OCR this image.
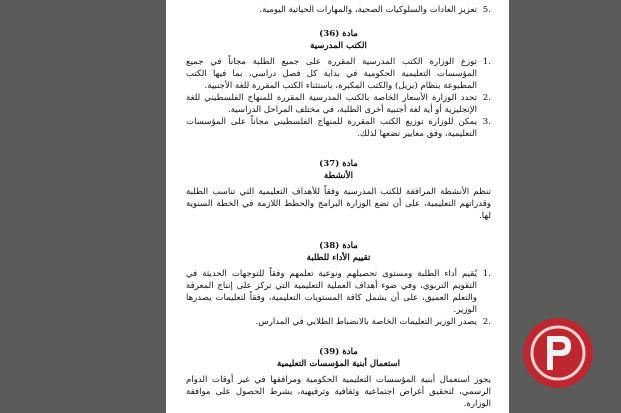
5.
تعزيز العادات والسلوكيات الصحية، والمهارات الحياتية اليومية.
مادة (36)
الكتب المدرسية
1.
توزع الوزارة الكتب المدرسية المقررة على جميع الطلبة مجاناً في جميع المؤسسات التعليمية الحكومية في بداية كل فصل دراسي، بما فيها الكتب المطبوعة بنظام (بريل) والكتب المكبرة، باستثناء الكتب المقررة للغة الأجنبية.
2.
تحدد الوزارة الأسعار الخاصة بالكتب المدرسية المقررة للمنهاج الفلسطيني للغة الإنجليزية أو أية لغة أجنبية أخرى الطلبة، في مختلف المراحل الدراسية.
3.
يمكن للوزارة توزيع الكتب المقررة للمنهاج الفلسطيني مجاناً على المؤسسات التعليمية، وفق معايير تضعها لذلك.
مادة (37)
الأنشطة

تنظم الأنشطة المرافقة للكتب المدرسية وفقاً للأهداف التعليمية التي تناسب الطلبة وقدراتهم التعليمية، على أن تضع الوزارة البرامج والخطط اللازمة في الخطة السنوية لها.

مادة (38)
تقييم الأداء للطلبة
1.
يُقيم أداء الطلبة ومستوى تحصيلهم ونوعية تعلمهم وفقاً للتوجهات الحديثة في التقويم التربوي، وفي ضوء أهداف العملية التعليمية التي تركز على إنتاج المعرفة والتعلم العميق، على أن يشمل كافة المستويات التعليمية، وفقاً لتعليمات يصدرها الوزير.
2.
يصدر الوزير التعليمات الخاصة بالانضباط الطلابي في المدارس.
مادة (39)
استعمال أبنية المؤسسات التعليمية

يجوز استعمال أبنية المؤسسات التعليمية الحكومية ومرافقها في غير أوقات الدوام الرسمي، لتحقيق أغراض اجتماعية وثقافية وترفيهية، بشرط الحصول على موافقة الوزارة.
